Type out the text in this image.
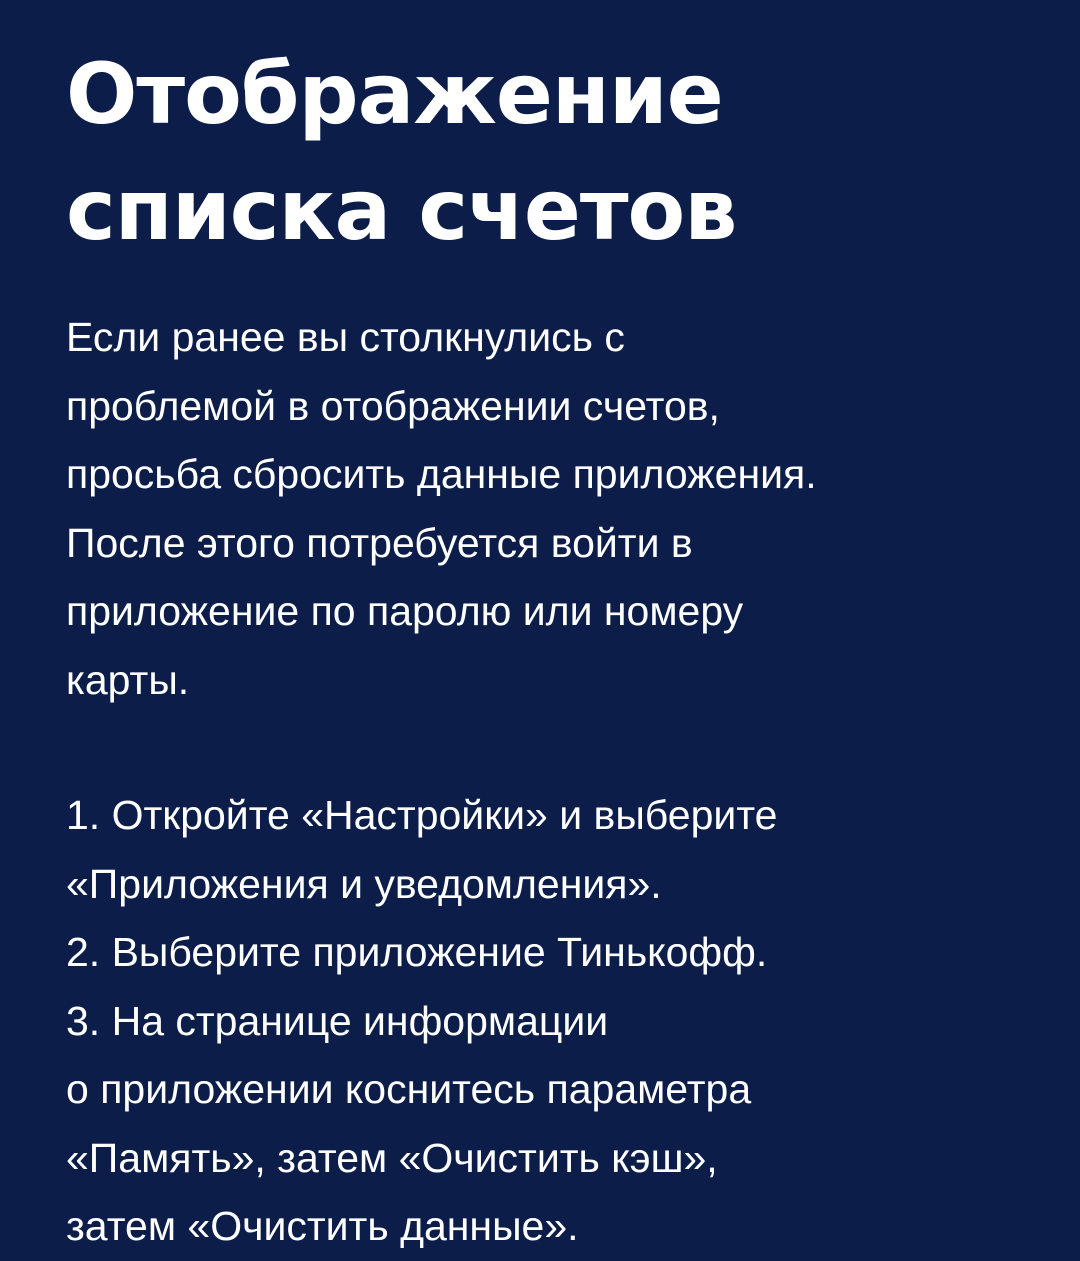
Отображение
списка счетов
Если ранее вы столкнулись с
проблемой в отображении счетов,
просьба сбросить данные приложения.
После этого потребуется войти в
приложение по паролю или номеру
карты.
1. Откройте «Настройки» и выберите
«Приложения и уведомления».
2. Выберите приложение Тинькофф.
3. На странице информации
о приложении коснитесь параметра
«Память», затем «Очистить кэш»,
затем «Очистить данные».
